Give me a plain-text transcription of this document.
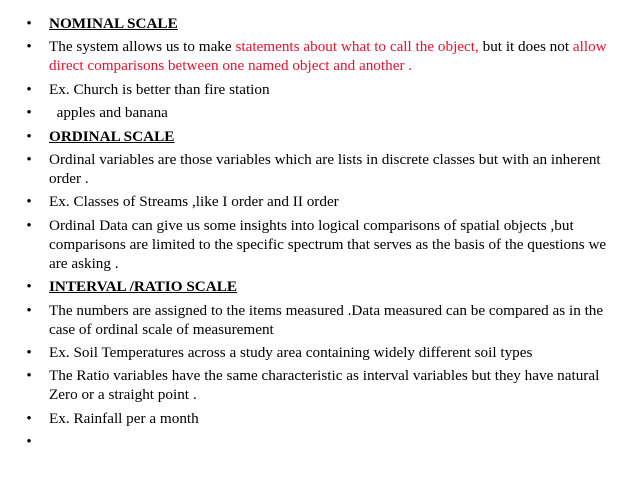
• NOMINAL SCALE
• The system allows us to make statements about what to call the object, but it does not allow direct comparisons between one named object and another .
• Ex. Church is better than fire station
• apples and banana
• ORDINAL SCALE
• Ordinal variables are those variables which are lists in discrete classes but with an inherent order .
• Ex. Classes of Streams ,like I order and II order
• Ordinal Data can give us some insights into logical comparisons of spatial objects ,but comparisons are limited to the specific spectrum that serves as the basis of the questions we are asking .
• INTERVAL /RATIO SCALE
• The numbers are assigned to the items measured .Data measured can be compared as in the case of ordinal scale of measurement
• Ex. Soil Temperatures across a study area containing widely different soil types
• The Ratio variables have the same characteristic as interval variables but they have natural Zero or a straight point .
• Ex. Rainfall per a month
•
